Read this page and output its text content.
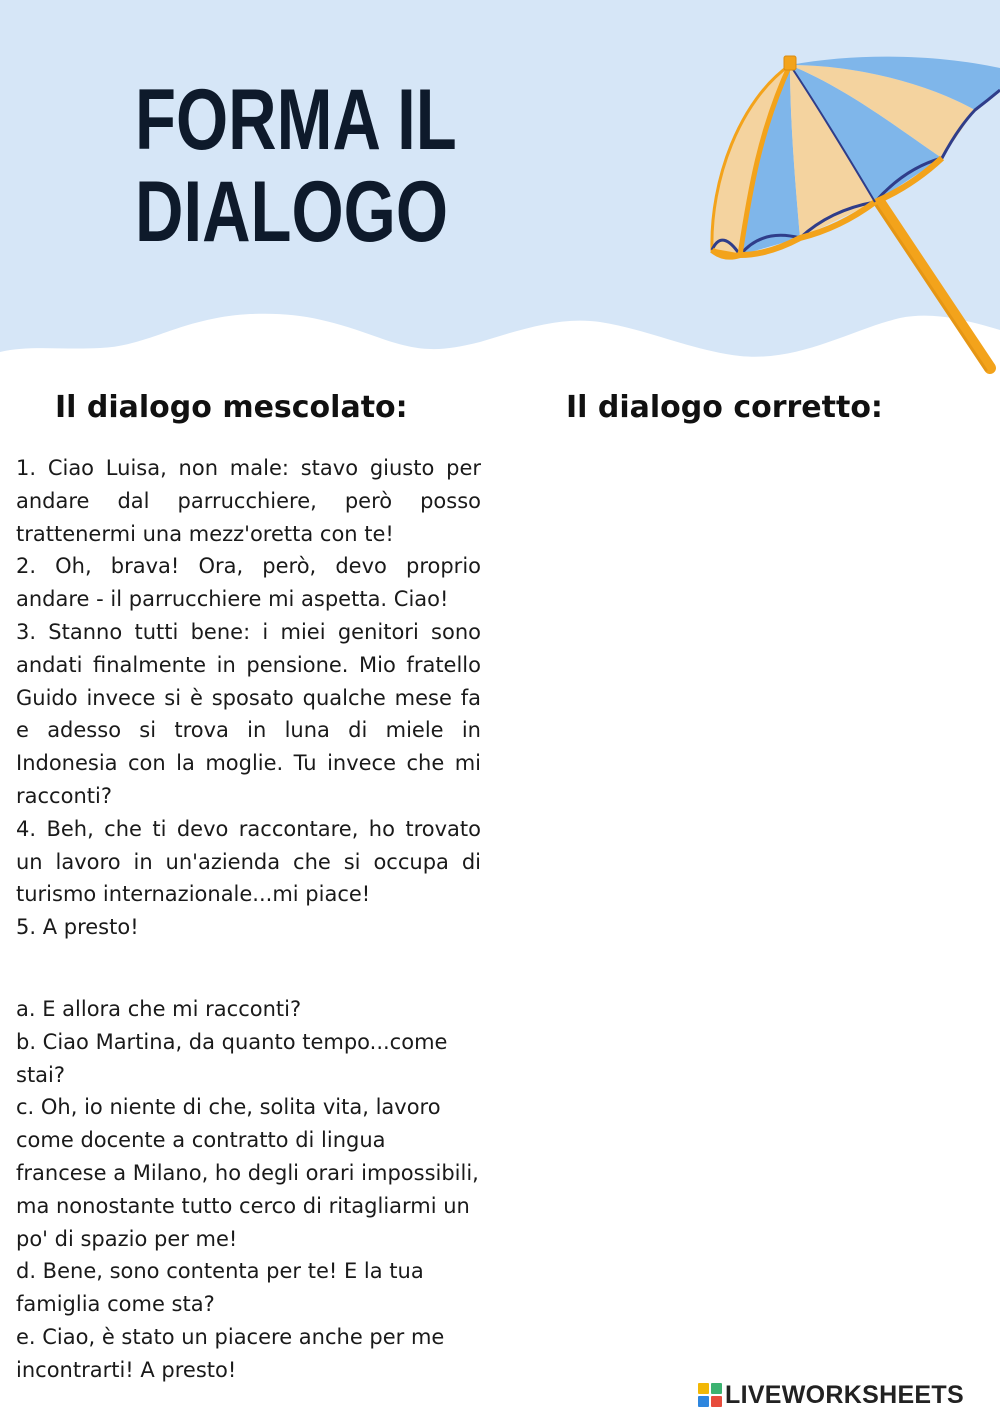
FORMA IL
DIALOGO
Il dialogo mescolato:	Il dialogo corretto:

1. Ciao Luisa, non male: stavo giusto per andare dal parrucchiere, però posso trattenermi una mezz'oretta con te!

2. Oh, brava! Ora, però, devo proprio andare - il parrucchiere mi aspetta. Ciao!

3. Stanno tutti bene: i miei genitori sono andati finalmente in pensione. Mio fratello Guido invece si è sposato qualche mese fa e adesso si trova in luna di miele in Indonesia con la moglie. Tu invece che mi racconti?

4. Beh, che ti devo raccontare, ho trovato un lavoro in un'azienda che si occupa di turismo internazionale...mi piace!

5. A presto!

a. E allora che mi racconti?

b. Ciao Martina, da quanto tempo...come stai?

c. Oh, io niente di che, solita vita, lavoro come docente a contratto di lingua francese a Milano, ho degli orari impossibili, ma nonostante tutto cerco di ritagliarmi un po' di spazio per me!

d. Bene, sono contenta per te! E la tua famiglia come sta?

e. Ciao, è stato un piacere anche per me incontrarti! A presto!

LIVEWORKSHEETS
